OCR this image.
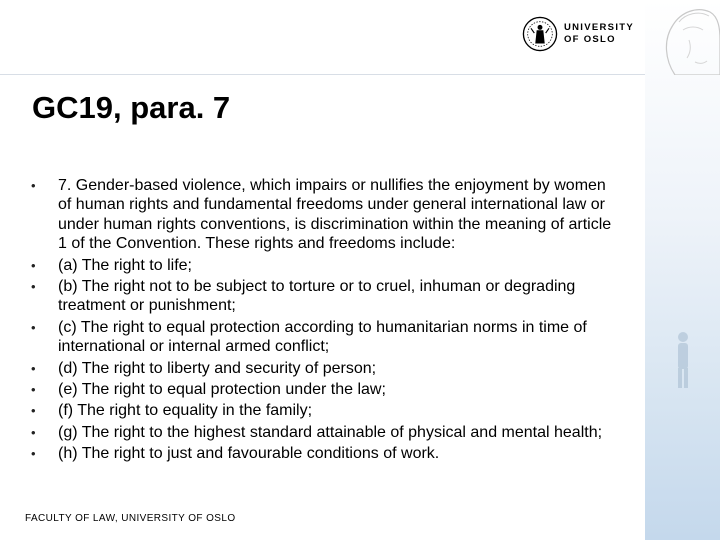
UNIVERSITY
OF OSLO
GC19, para. 7
•	7. Gender-based violence, which impairs or nullifies the enjoyment by women of human rights and fundamental freedoms under general international law or under human rights conventions, is discrimination within the meaning of article 1 of the Convention. These rights and freedoms include:
•	(a) The right to life;
•	(b) The right not to be subject to torture or to cruel, inhuman or degrading treatment or punishment;
•	(c) The right to equal protection according to humanitarian norms in time of international or internal armed conflict;
•	(d) The right to liberty and security of person;
•	(e) The right to equal protection under the law;
•	(f) The right to equality in the family;
•	(g) The right to the highest standard attainable of physical and mental health;
•	(h) The right to just and favourable conditions of work.
FACULTY OF LAW, UNIVERSITY OF OSLO
